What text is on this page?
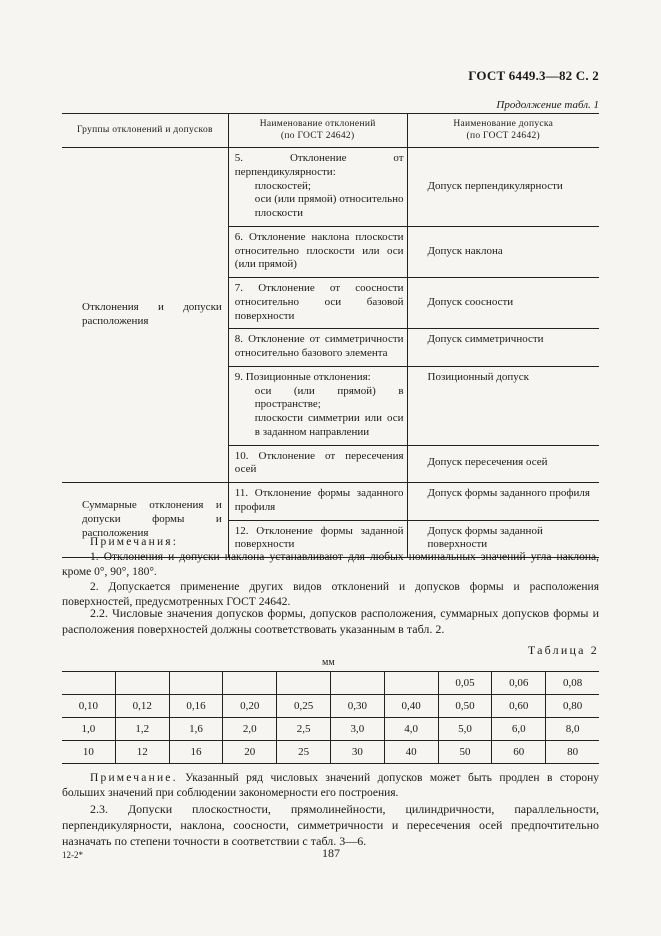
ГОСТ 6449.3—82 С. 2
Продолжение табл. 1
Группы отклонений и допусков	Наименование отклонений
(по ГОСТ 24642)	Наименование допуска
(по ГОСТ 24642)

Отклонения и допуски расположения	5. Отклонение от перпендикулярности:
плоскостей;
оси (или прямой) относительно плоскости	Допуск перпендикулярности
	6. Отклонение наклона плоскости относительно плоскости или оси (или прямой)	Допуск наклона
	7. Отклонение от соосности относительно оси базовой поверхности	Допуск соосности
	8. Отклонение от симметричности относительно базового элемента	Допуск симметричности

	9. Позиционные отклонения:
оси (или прямой) в пространстве;
плоскости симметрии или оси в заданном направлении	Позиционный допуск
	10. Отклонение от пересечения осей	Допуск пересечения осей

Суммарные отклонения и допуски формы и расположения	11. Отклонение формы заданного профиля	Допуск формы заданного профиля
	12. Отклонение формы заданной поверхности	Допуск формы заданной поверхности
Примечания:
1. Отклонения и допуски наклона устанавливают для любых номинальных значений угла наклона, кроме 0°, 90°, 180°.
2. Допускается применение других видов отклонений и допусков формы и расположения поверхностей, предусмотренных ГОСТ 24642.
2.2. Числовые значения допусков формы, допусков расположения, суммарных допусков формы и расположения поверхностей должны соответствовать указанным в табл. 2.
Таблица 2
мм
							0,05	0,06	0,08
0,10	0,12	0,16	0,20	0,25	0,30	0,40	0,50	0,60	0,80
1,0	1,2	1,6	2,0	2,5	3,0	4,0	5,0	6,0	8,0
10	12	16	20	25	30	40	50	60	80
Примечание. Указанный ряд числовых значений допусков может быть продлен в сторону больших значений при соблюдении закономерности его построения.
2.3. Допуски плоскостности, прямолинейности, цилиндричности, параллельности, перпендикулярности, наклона, соосности, симметричности и пересечения осей предпочтительно назначать по степени точности в соответствии с табл. 3—6.
12-2*	187
